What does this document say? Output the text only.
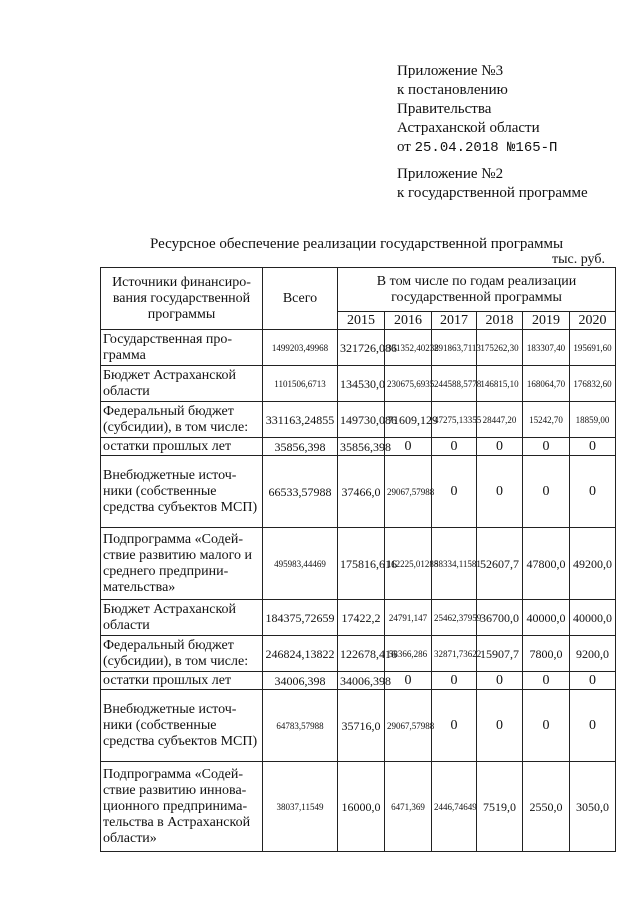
Приложение №3
к постановлению
Правительства
Астраханской области
от 25.04.2018 №165-П
Приложение №2
к государственной программе
Ресурсное обеспечение реализации государственной программы
тыс. руб.
Источники финансиро-вания государственной программы	Всего	В том числе по годам реализации государственной программы					
		2015	2016	2017	2018	2019	2020
Государственная про-грамма	1499203,49968	321726,086	331352,40238	291863,7113	175262,30	183307,40	195691,60
Бюджет Астраханской области	1101506,6713	134530,0	230675,6935	244588,5778	146815,10	168064,70	176832,60
Федеральный бюджет (субсидии), в том числе:	331163,24855	149730,086	71609,129	47275,13355	28447,20	15242,70	18859,00
остатки прошлых лет	35856,398	35856,398	0	0	0	0	0
Внебюджетные источ-ники (собственные средства субъектов МСП)	66533,57988	37466,0	29067,57988	0	0	0	0
Подпрограмма «Содей-ствие развитию малого и среднего предприни-мательства»	495983,44469	175816,616	112225,01288	58334,11581	52607,7	47800,0	49200,0
Бюджет Астраханской области	184375,72659	17422,2	24791,147	25462,37959	36700,0	40000,0	40000,0
Федеральный бюджет (субсидии), в том числе:	246824,13822	122678,416	58366,286	32871,73622	15907,7	7800,0	9200,0
остатки прошлых лет	34006,398	34006,398	0	0	0	0	0
Внебюджетные источ-ники (собственные средства субъектов МСП)	64783,57988	35716,0	29067,57988	0	0	0	0
Подпрограмма «Содей-ствие развитию иннова-ционного предпринима-тельства в Астраханской области»	38037,11549	16000,0	6471,369	2446,74649	7519,0	2550,0	3050,0
